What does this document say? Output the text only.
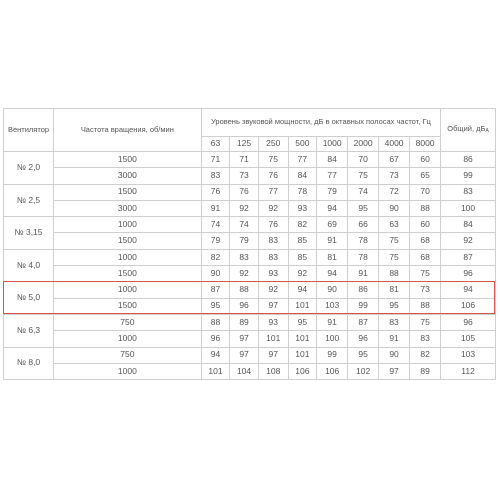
Вентилятор	Частота вращения, об/мин	Уровень звуковой мощности, дБ в октавных полосах частот, Гц								Общий, $дБ_A$
		63	125	250	500	1000	2000	4000	8000	
№ 2,0	1500	71	71	75	77	84	70	67	60	86
	3000	83	73	76	84	77	75	73	65	99
№ 2,5	1500	76	76	77	78	79	74	72	70	83
	3000	91	92	92	93	94	95	90	88	100
№ 3,15	1000	74	74	76	82	69	66	63	60	84
	1500	79	79	83	85	91	78	75	68	92
№ 4,0	1000	82	83	83	85	81	78	75	68	87
	1500	90	92	93	92	94	91	88	75	96
№ 5,0	1000	87	88	92	94	90	86	81	73	94
	1500	95	96	97	101	103	99	95	88	106
№ 6,3	750	88	89	93	95	91	87	83	75	96
	1000	96	97	101	101	100	96	91	83	105
№ 8,0	750	94	97	97	101	99	95	90	82	103
	1000	101	104	108	106	106	102	97	89	112
